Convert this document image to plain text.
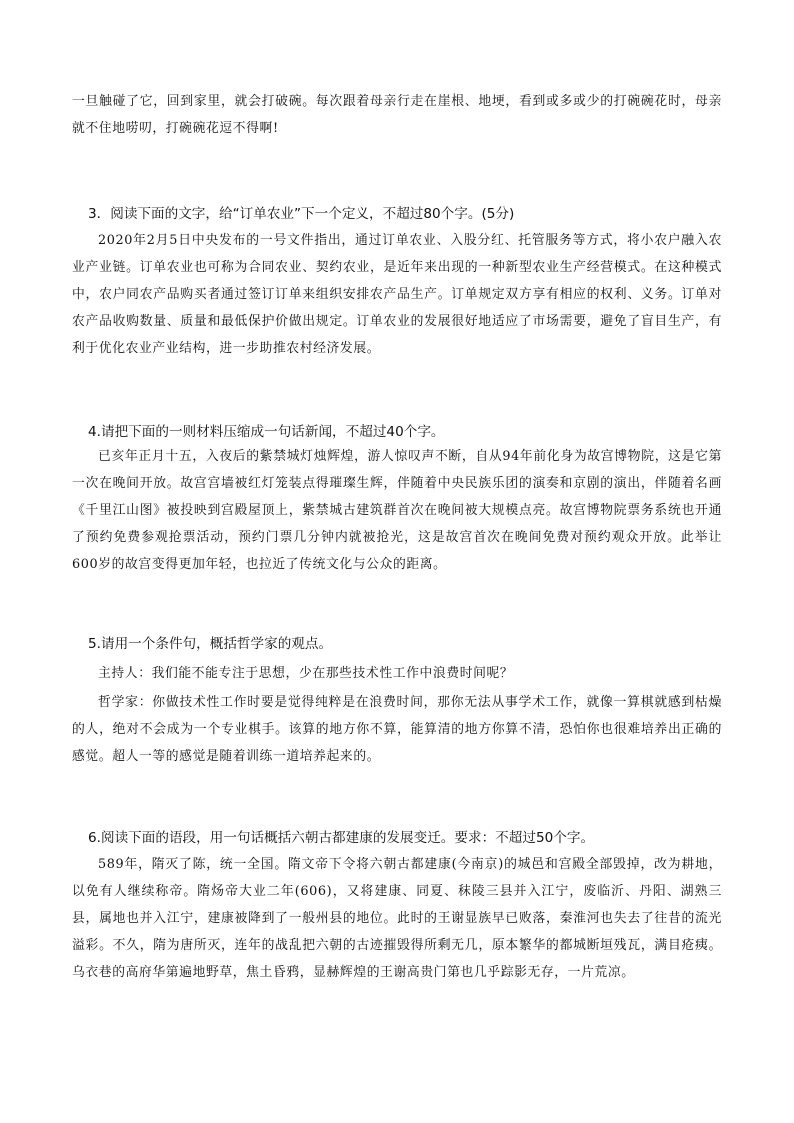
一旦触碰了它，回到家里，就会打破碗。每次跟着母亲行走在崖根、地埂，看到或多或少的打碗碗花时，母亲就不住地唠叨，打碗碗花逗不得啊!

3．阅读下面的文字，给“订单农业”下一个定义，不超过80个字。(5分)

2020年2月5日中央发布的一号文件指出，通过订单农业、入股分红、托管服务等方式，将小农户融入农业产业链。订单农业也可称为合同农业、契约农业，是近年来出现的一种新型农业生产经营模式。在这种模式中，农户同农产品购买者通过签订订单来组织安排农产品生产。订单规定双方享有相应的权利、义务。订单对农产品收购数量、质量和最低保护价做出规定。订单农业的发展很好地适应了市场需要，避免了盲目生产，有利于优化农业产业结构，进一步助推农村经济发展。

4.请把下面的一则材料压缩成一句话新闻，不超过40个字。

已亥年正月十五，入夜后的紫禁城灯烛辉煌，游人惊叹声不断，自从94年前化身为故宫博物院，这是它第一次在晚间开放。故宫宫墙被红灯笼装点得璀璨生辉，伴随着中央民族乐团的演奏和京剧的演出，伴随着名画《千里江山图》被投映到宫殿屋顶上，紫禁城古建筑群首次在晚间被大规模点亮。故宫博物院票务系统也开通了预约免费参观抢票活动，预约门票几分钟内就被抢光，这是故宫首次在晚间免费对预约观众开放。此举让600岁的故宫变得更加年轻，也拉近了传统文化与公众的距离。

5.请用一个条件句，概括哲学家的观点。

主持人：我们能不能专注于思想，少在那些技术性工作中浪费时间呢？

哲学家：你做技术性工作时要是觉得纯粹是在浪费时间，那你无法从事学术工作，就像一算棋就感到枯燥的人，绝对不会成为一个专业棋手。该算的地方你不算，能算清的地方你算不清，恐怕你也很难培养出正确的感觉。超人一等的感觉是随着训练一道培养起来的。

6.阅读下面的语段，用一句话概括六朝古都建康的发展变迁。要求：不超过50个字。

589年，隋灭了陈，统一全国。隋文帝下令将六朝古都建康(今南京)的城邑和宫殿全部毁掉，改为耕地，以免有人继续称帝。隋炀帝大业二年(606)，又将建康、同夏、秣陵三县并入江宁，废临沂、丹阳、湖熟三县，属地也并入江宁，建康被降到了一般州县的地位。此时的王谢显族早已败落，秦淮河也失去了往昔的流光溢彩。不久，隋为唐所灭，连年的战乱把六朝的古迹摧毁得所剩无几，原本繁华的都城断垣残瓦，满目疮痍。乌衣巷的高府华第遍地野草，焦土昏鸦，显赫辉煌的王谢高贵门第也几乎踪影无存，一片荒凉。
